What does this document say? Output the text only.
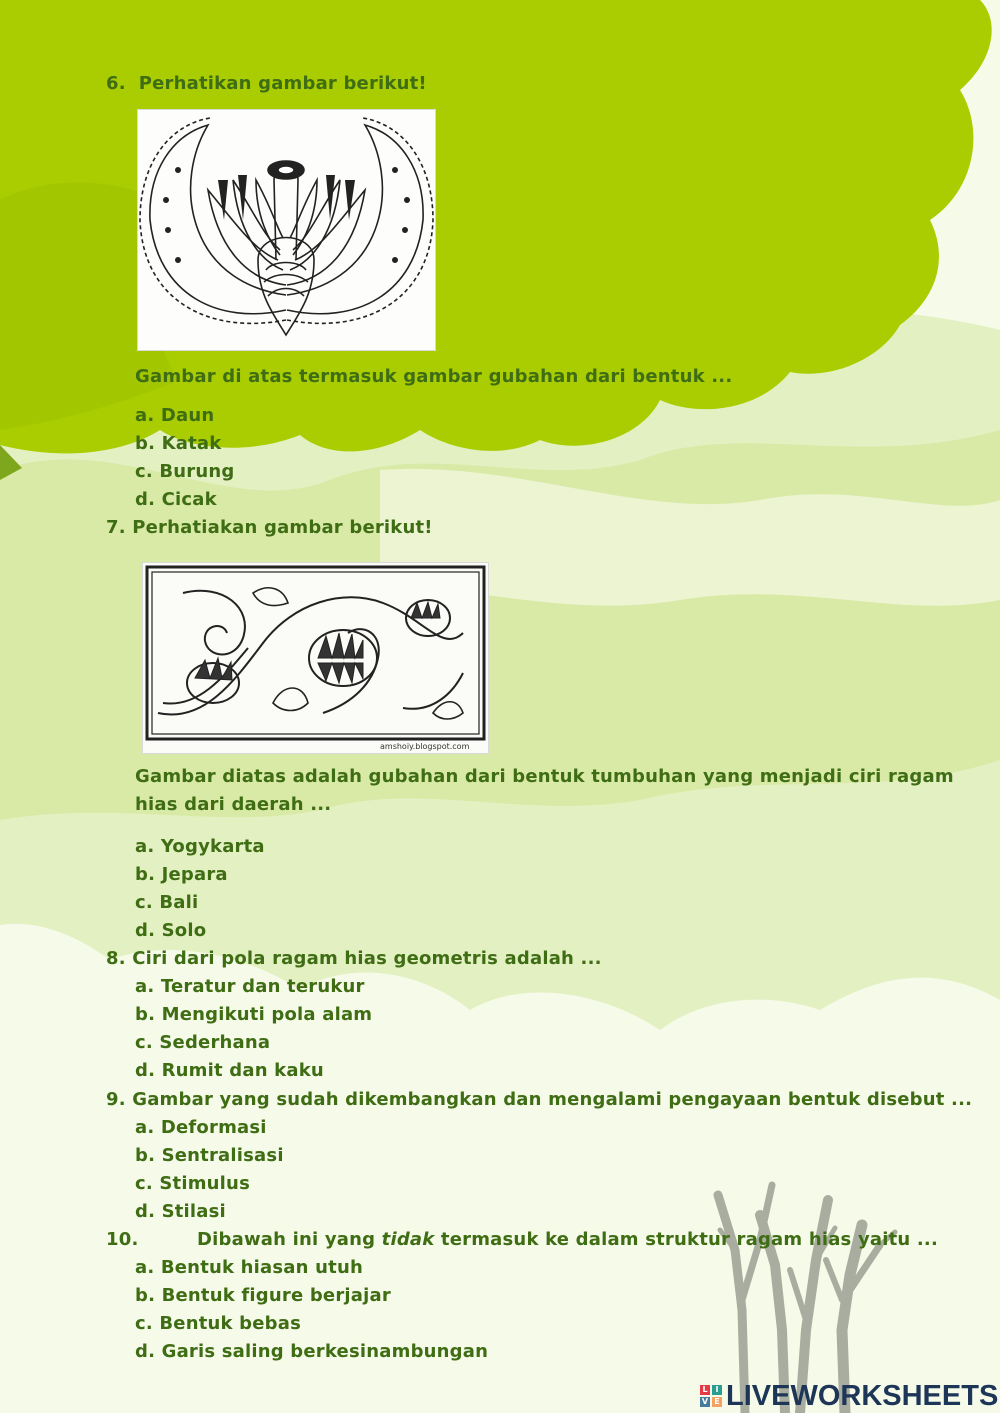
6. Perhatikan gambar berikut!
Gambar di atas termasuk gambar gubahan dari bentuk ...
a. Daun
b. Katak
c. Burung
d. Cicak
7. Perhatiakan gambar berikut!
amshoiy.blogspot.com
Gambar diatas adalah gubahan dari bentuk tumbuhan yang menjadi ciri ragam
hias dari daerah ...
a. Yogykarta
b. Jepara
c. Bali
d. Solo
8. Ciri dari pola ragam hias geometris adalah ...
a. Teratur dan terukur
b. Mengikuti pola alam
c. Sederhana
d. Rumit dan kaku
9. Gambar yang sudah dikembangkan dan mengalami pengayaan bentuk disebut ...
a. Deformasi
b. Sentralisasi
c. Stimulus
d. Stilasi
10.	Dibawah ini yang tidak termasuk ke dalam struktur ragam hias yaitu ...
a. Bentuk hiasan utuh
b. Bentuk figure berjajar
c. Bentuk bebas
d. Garis saling berkesinambungan
L I
V E LIVEWORKSHEETS
